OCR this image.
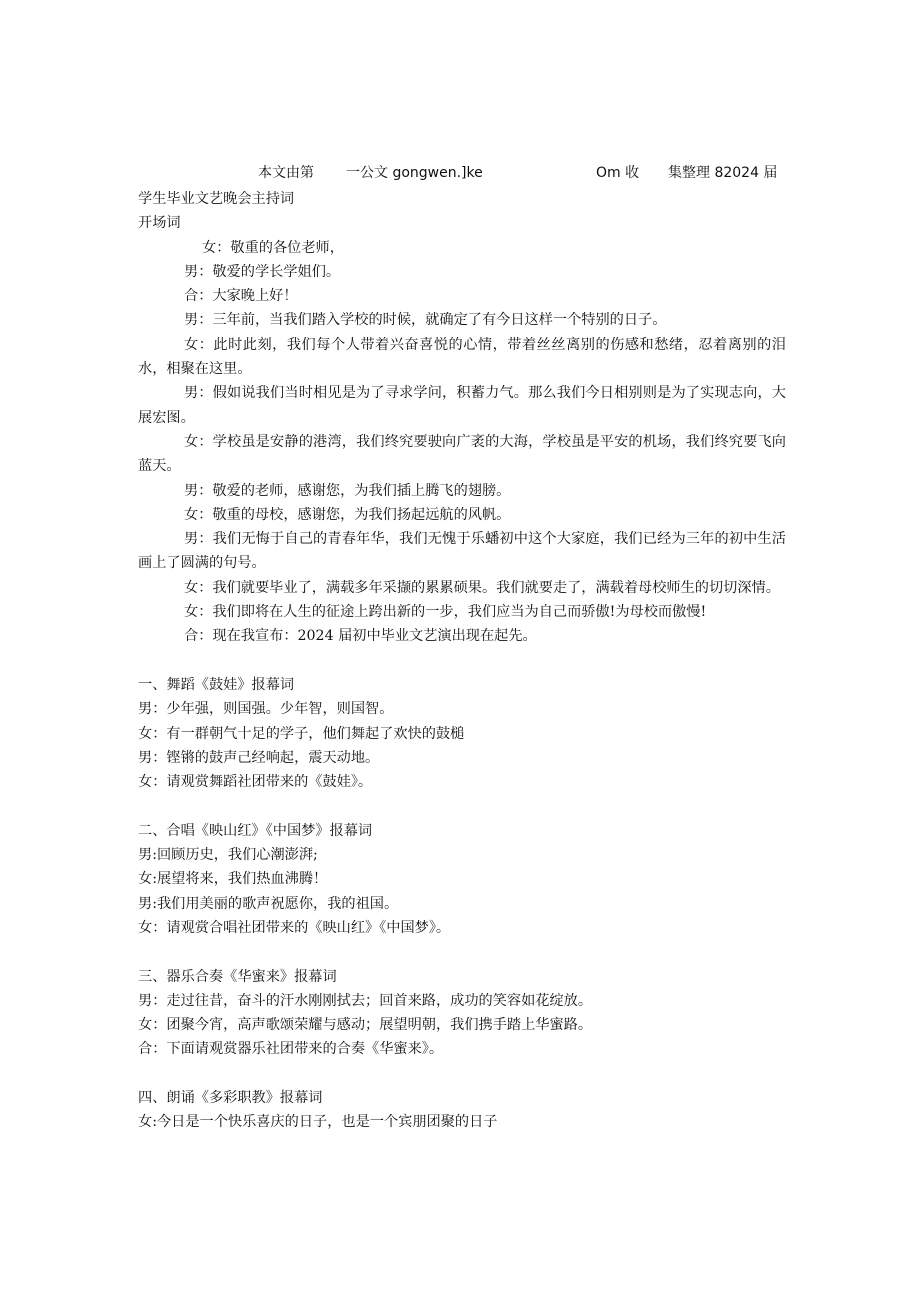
本文由第 一公文 gongwen.]ke	Om 收 集整理 82024 届

学生毕业文艺晚会主持词

开场词

女：敬重的各位老师，

男：敬爱的学长学姐们。

合：大家晚上好！

男：三年前，当我们踏入学校的时候，就确定了有今日这样一个特别的日子。

女：此时此刻，我们每个人带着兴奋喜悦的心情，带着丝丝离别的伤感和愁绪，忍着离别的泪水，相聚在这里。

男：假如说我们当时相见是为了寻求学问，积蓄力气。那么我们今日相别则是为了实现志向，大展宏图。

女：学校虽是安静的港湾，我们终究要驶向广袤的大海，学校虽是平安的机场，我们终究要飞向蓝天。

男：敬爱的老师，感谢您，为我们插上腾飞的翅膀。

女：敬重的母校，感谢您，为我们扬起远航的风帆。

男：我们无悔于自己的青春年华，我们无愧于乐蟠初中这个大家庭，我们已经为三年的初中生活画上了圆满的句号。

女：我们就要毕业了，满载多年采撷的累累硕果。我们就要走了，满载着母校师生的切切深情。

女：我们即将在人生的征途上跨出新的一步，我们应当为自己而骄傲!为母校而傲慢!

合：现在我宣布：2024 届初中毕业文艺演出现在起先。

一、舞蹈《鼓娃》报幕词

男：少年强，则国强。少年智，则国智。

女：有一群朝气十足的学子，他们舞起了欢快的鼓槌

男：铿锵的鼓声己经响起，震天动地。

女：请观赏舞蹈社团带来的《鼓娃》。

二、合唱《映山红》《中国梦》报幕词

男:回顾历史，我们心潮澎湃;

女:展望将来，我们热血沸腾！

男:我们用美丽的歌声祝愿你，我的祖国。

女：请观赏合唱社团带来的《映山红》《中国梦》。

三、器乐合奏《华蜜来》报幕词

男：走过往昔，奋斗的汗水刚刚拭去；回首来路，成功的笑容如花绽放。

女：团聚今宵，高声歌颂荣耀与感动；展望明朝，我们携手踏上华蜜路。

合：下面请观赏器乐社团带来的合奏《华蜜来》。

四、朗诵《多彩职教》报幕词

女:今日是一个快乐喜庆的日子，也是一个宾朋团聚的日子
